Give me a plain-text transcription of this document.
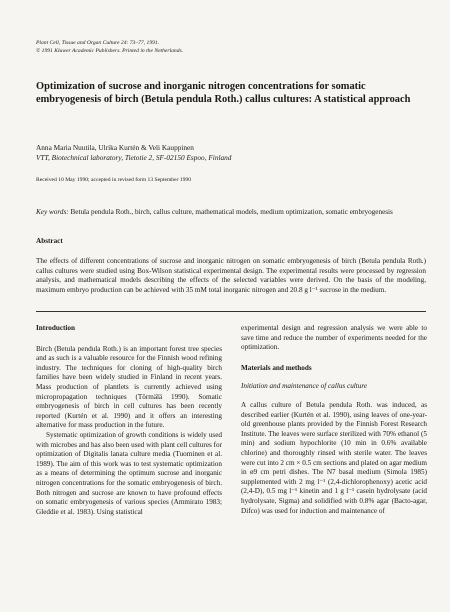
Plant Cell, Tissue and Organ Culture 24: 73–77, 1991.
© 1991 Kluwer Academic Publishers. Printed in the Netherlands.
Optimization of sucrose and inorganic nitrogen concentrations for somatic embryogenesis of birch (Betula pendula Roth.) callus cultures: A statistical approach
Anna Maria Nuutila, Ulrika Kurtén & Veli Kauppinen
VTT, Biotechnical laboratory, Tietotie 2, SF-02150 Espoo, Finland
Received 10 May 1990; accepted in revised form 13 September 1990
Key words: Betula pendula Roth., birch, callus culture, mathematical models, medium optimization, somatic embryogenesis
Abstract
The effects of different concentrations of sucrose and inorganic nitrogen on somatic embryogenesis of birch (Betula pendula Roth.) callus cultures were studied using Box-Wilson statistical experimental design. The experimental results were processed by regression analysis, and mathematical models describing the effects of the selected variables were derived. On the basis of the modeling, maximum embryo production can be achieved with 35 mM total inorganic nitrogen and 20.8 g l⁻¹ sucrose in the medium.
Introduction

Birch (Betula pendula Roth.) is an important forest tree species and as such is a valuable resource for the Finnish wood refining industry. The techniques for cloning of high-quality birch families have been widely studied in Finland in recent years. Mass production of plantlets is currently achieved using micropropagation techniques (Törmälä 1990). Somatic embryogenesis of birch in cell cultures has been recently reported (Kurtén et al. 1990) and it offers an interesting alternative for mass production in the future.

Systematic optimization of growth conditions is widely used with microbes and has also been used with plant cell cultures for optimization of Digitalis lanata culture media (Tuominen et al. 1989). The aim of this work was to test systematic optimization as a means of determining the optimum sucrose and inorganic nitrogen concentrations for the somatic embryogenesis of birch. Both nitrogen and sucrose are known to have profound effects on somatic embryogenesis of various species (Ammirato 1983; Gleddie et al. 1983). Using statistical

experimental design and regression analysis we were able to save time and reduce the number of experiments needed for the optimization.

Materials and methods
Initiation and maintenance of callus culture

A callus culture of Betula pendula Roth. was induced, as described earlier (Kurtén et al. 1990), using leaves of one-year-old greenhouse plants provided by the Finnish Forest Research Institute. The leaves were surface sterilized with 70% ethanol (5 min) and sodium hypochlorite (10 min in 0.6% available chlorine) and thoroughly rinsed with sterile water. The leaves were cut into 2 cm × 0.5 cm sections and plated on agar medium in ø9 cm petri dishes. The N7 basal medium (Simola 1985) supplemented with 2 mg l⁻¹ (2,4-dichlorophenoxy) acetic acid (2,4-D), 0.5 mg l⁻¹ kinetin and 1 g l⁻¹ casein hydrolysate (acid hydrolysate, Sigma) and solidified with 0.8% agar (Bacto-agar, Difco) was used for induction and maintenance of
